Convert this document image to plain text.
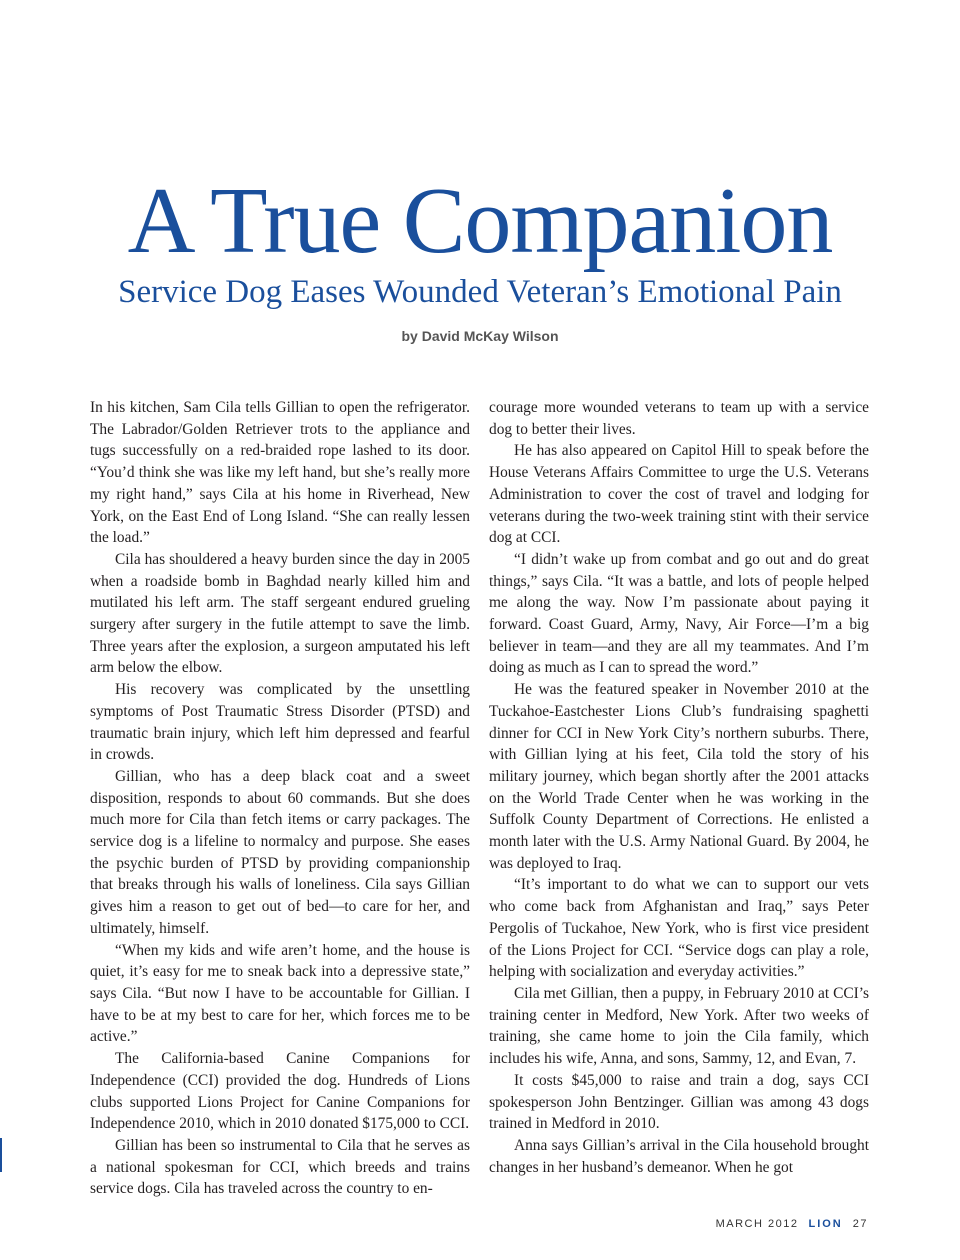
A True Companion
Service Dog Eases Wounded Veteran’s Emotional Pain
by David McKay Wilson

In his kitchen, Sam Cila tells Gillian to open the refrigerator. The Labrador/Golden Retriever trots to the appliance and tugs successfully on a red-braided rope lashed to its door. “You’d think she was like my left hand, but she’s really more my right hand,” says Cila at his home in Riverhead, New York, on the East End of Long Island. “She can really lessen the load.”

Cila has shouldered a heavy burden since the day in 2005 when a roadside bomb in Baghdad nearly killed him and mutilated his left arm. The staff sergeant endured grueling surgery after surgery in the futile attempt to save the limb. Three years after the explosion, a surgeon amputated his left arm below the elbow.

His recovery was complicated by the unsettling symptoms of Post Traumatic Stress Disorder (PTSD) and traumatic brain injury, which left him depressed and fearful in crowds.

Gillian, who has a deep black coat and a sweet disposition, responds to about 60 commands. But she does much more for Cila than fetch items or carry packages. The service dog is a lifeline to normalcy and purpose. She eases the psychic burden of PTSD by providing companionship that breaks through his walls of loneliness. Cila says Gillian gives him a reason to get out of bed—to care for her, and ultimately, himself.

“When my kids and wife aren’t home, and the house is quiet, it’s easy for me to sneak back into a depressive state,” says Cila. “But now I have to be accountable for Gillian. I have to be at my best to care for her, which forces me to be active.”

The California-based Canine Companions for Independence (CCI) provided the dog. Hundreds of Lions clubs supported Lions Project for Canine Companions for Independence 2010, which in 2010 donated $175,000 to CCI.

Gillian has been so instrumental to Cila that he serves as a national spokesman for CCI, which breeds and trains service dogs. Cila has traveled across the country to en-

courage more wounded veterans to team up with a service dog to better their lives.

He has also appeared on Capitol Hill to speak before the House Veterans Affairs Committee to urge the U.S. Veterans Administration to cover the cost of travel and lodging for veterans during the two-week training stint with their service dog at CCI.

“I didn’t wake up from combat and go out and do great things,” says Cila. “It was a battle, and lots of people helped me along the way. Now I’m passionate about paying it forward. Coast Guard, Army, Navy, Air Force—I’m a big believer in team—and they are all my teammates. And I’m doing as much as I can to spread the word.”

He was the featured speaker in November 2010 at the Tuckahoe-Eastchester Lions Club’s fundraising spaghetti dinner for CCI in New York City’s northern suburbs. There, with Gillian lying at his feet, Cila told the story of his military journey, which began shortly after the 2001 attacks on the World Trade Center when he was working in the Suffolk County Department of Corrections. He enlisted a month later with the U.S. Army National Guard. By 2004, he was deployed to Iraq.

“It’s important to do what we can to support our vets who come back from Afghanistan and Iraq,” says Peter Pergolis of Tuckahoe, New York, who is first vice president of the Lions Project for CCI. “Service dogs can play a role, helping with socialization and everyday activities.”

Cila met Gillian, then a puppy, in February 2010 at CCI’s training center in Medford, New York. After two weeks of training, she came home to join the Cila family, which includes his wife, Anna, and sons, Sammy, 12, and Evan, 7.

It costs $45,000 to raise and train a dog, says CCI spokesperson John Bentzinger. Gillian was among 43 dogs trained in Medford in 2010.

Anna says Gillian’s arrival in the Cila household brought changes in her husband’s demeanor. When he got

MARCH 2012 LION 27
